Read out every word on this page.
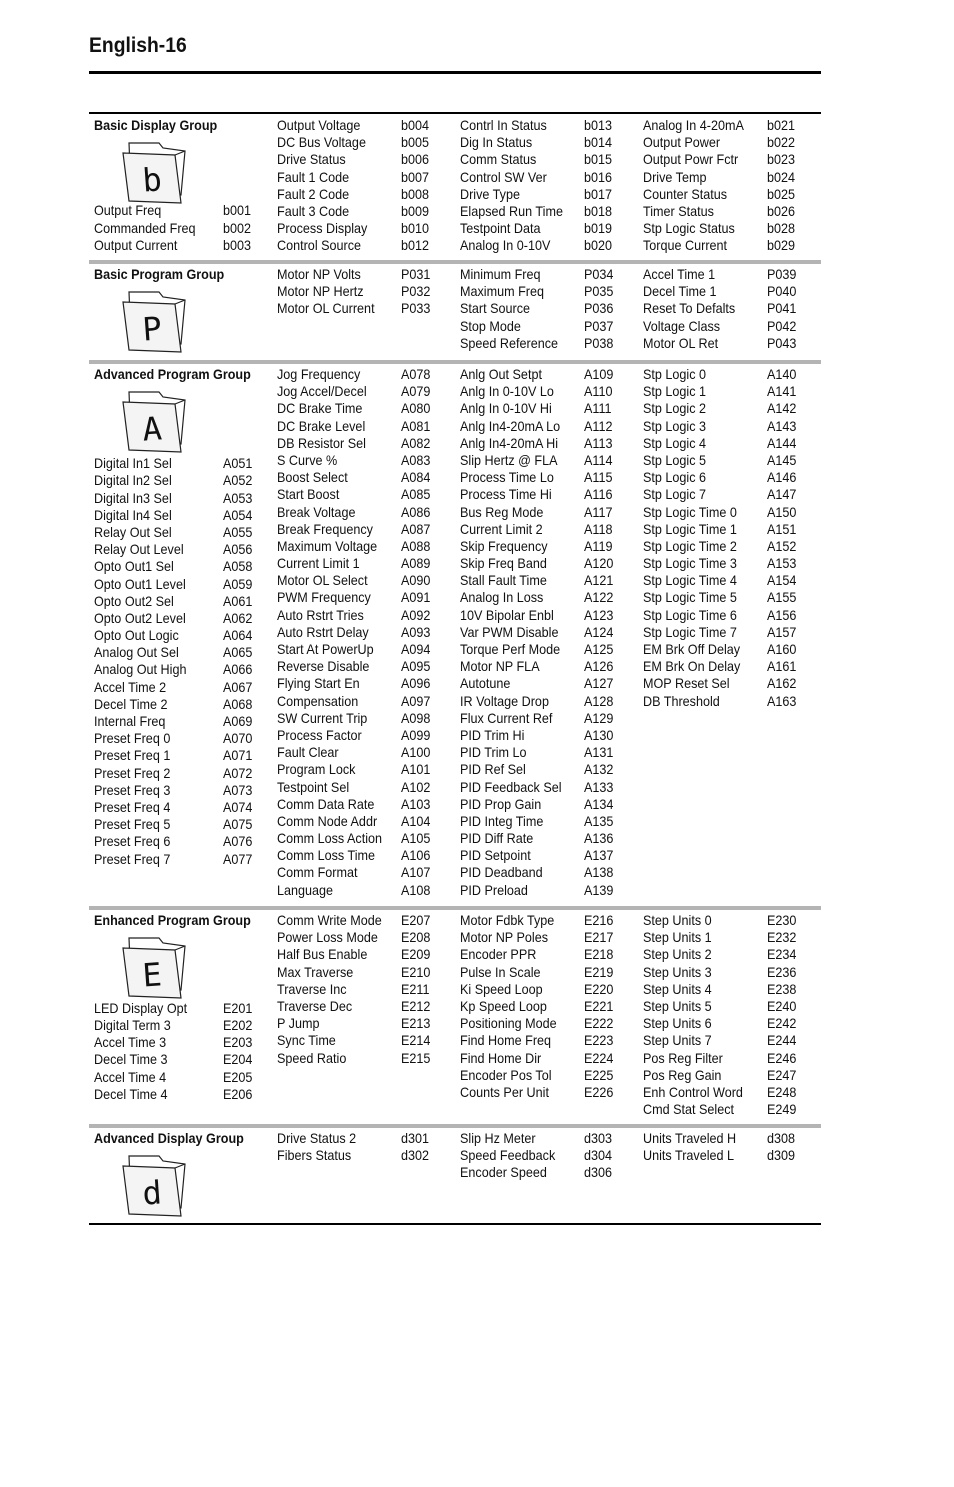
English-16
Basic Display Group
b
Output Freq	b001
Commanded Freq b002
Output Current	b003
Output Voltage	b004
DC Bus Voltage	b005
Drive Status	b006
Fault 1 Code	b007
Fault 2 Code	b008
Fault 3 Code	b009
Process Display b010
Control Source	b012
Contrl In Status	b013
Dig In Status	b014
Comm Status	b015
Control SW Ver	b016
Drive Type	b017
Elapsed Run Time b018
Testpoint Data	b019
Analog In 0-10V b020
Analog In 4-20mA b021
Output Power	b022
Output Powr Fctr b023
Drive Temp	b024
Counter Status	b025
Timer Status	b026
Stp Logic Status b028
Torque Current	b029
Basic Program Group
P
Motor NP Volts	P031
Motor NP Hertz	P032
Motor OL Current P033
Minimum Freq	P034
Maximum Freq	P035
Start Source	P036
Stop Mode	P037
Speed Reference P038
Accel Time 1	P039
Decel Time 1	P040
Reset To Defalts P041
Voltage Class	P042
Motor OL Ret	P043
Advanced Program Group
A
Digital In1 Sel	A051
Digital In2 Sel	A052
Digital In3 Sel	A053
Digital In4 Sel	A054
Relay Out Sel	A055
Relay Out Level	A056
Opto Out1 Sel	A058
Opto Out1 Level	A059
Opto Out2 Sel	A061
Opto Out2 Level	A062
Opto Out Logic	A064
Analog Out Sel	A065
Analog Out High	A066
Accel Time 2	A067
Decel Time 2	A068
Internal Freq	A069
Preset Freq 0	A070
Preset Freq 1	A071
Preset Freq 2	A072
Preset Freq 3	A073
Preset Freq 4	A074
Preset Freq 5	A075
Preset Freq 6	A076
Preset Freq 7	A077
Jog Frequency	A078
Jog Accel/Decel A079
DC Brake Time	A080
DC Brake Level	A081
DB Resistor Sel	A082
S Curve %	A083
Boost Select	A084
Start Boost	A085
Break Voltage	A086
Break Frequency A087
Maximum Voltage A088
Current Limit 1	A089
Motor OL Select A090
PWM Frequency A091
Auto Rstrt Tries	A092
Auto Rstrt Delay A093
Start At PowerUp A094
Reverse Disable A095
Flying Start En	A096
Compensation	A097
SW Current Trip A098
Process Factor	A099
Fault Clear	A100
Program Lock	A101
Testpoint Sel	A102
Comm Data Rate A103
Comm Node Addr A104
Comm Loss Action A105
Comm Loss Time A106
Comm Format	A107
Language	A108
Anlg Out Setpt	A109
Anlg In 0-10V Lo A110
Anlg In 0-10V Hi A111
Anlg In4-20mA Lo A112
Anlg In4-20mA Hi A113
Slip Hertz @ FLA A114
Process Time Lo A115
Process Time Hi A116
Bus Reg Mode	A117
Current Limit 2	A118
Skip Frequency	A119
Skip Freq Band	A120
Stall Fault Time	A121
Analog In Loss	A122
10V Bipolar Enbl A123
Var PWM Disable A124
Torque Perf Mode A125
Motor NP FLA	A126
Autotune	A127
IR Voltage Drop	A128
Flux Current Ref A129
PID Trim Hi	A130
PID Trim Lo	A131
PID Ref Sel	A132
PID Feedback Sel A133
PID Prop Gain	A134
PID Integ Time	A135
PID Diff Rate	A136
PID Setpoint	A137
PID Deadband	A138
PID Preload	A139
Stp Logic 0	A140
Stp Logic 1	A141
Stp Logic 2	A142
Stp Logic 3	A143
Stp Logic 4	A144
Stp Logic 5	A145
Stp Logic 6	A146
Stp Logic 7	A147
Stp Logic Time 0 A150
Stp Logic Time 1 A151
Stp Logic Time 2 A152
Stp Logic Time 3 A153
Stp Logic Time 4 A154
Stp Logic Time 5 A155
Stp Logic Time 6 A156
Stp Logic Time 7 A157
EM Brk Off Delay A160
EM Brk On Delay A161
MOP Reset Sel	A162
DB Threshold	A163
Enhanced Program Group
E
LED Display Opt	E201
Digital Term 3	E202
Accel Time 3	E203
Decel Time 3	E204
Accel Time 4	E205
Decel Time 4	E206
Comm Write Mode E207
Power Loss Mode E208
Half Bus Enable E209
Max Traverse	E210
Traverse Inc	E211
Traverse Dec	E212
P Jump	E213
Sync Time	E214
Speed Ratio	E215
Motor Fdbk Type E216
Motor NP Poles	E217
Encoder PPR	E218
Pulse In Scale	E219
Ki Speed Loop	E220
Kp Speed Loop	E221
Positioning Mode E222
Find Home Freq E223
Find Home Dir	E224
Encoder Pos Tol E225
Counts Per Unit	E226
Step Units 0	E230
Step Units 1	E232
Step Units 2	E234
Step Units 3	E236
Step Units 4	E238
Step Units 5	E240
Step Units 6	E242
Step Units 7	E244
Pos Reg Filter	E246
Pos Reg Gain	E247
Enh Control Word E248
Cmd Stat Select E249
Advanced Display Group
d
Drive Status 2	d301
Fibers Status	d302
Slip Hz Meter	d303
Speed Feedback d304
Encoder Speed	d306
Units Traveled H d308
Units Traveled L d309
